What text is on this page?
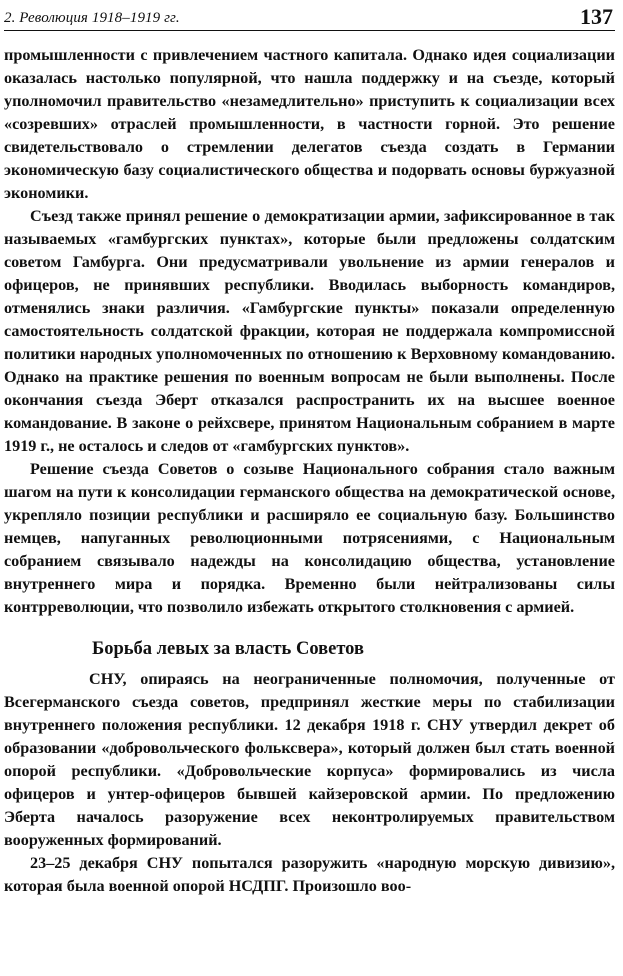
2. Революция 1918–1919 гг.	137

промышленности с привлечением частного капитала. Однако идея социализации оказалась настолько популярной, что нашла поддержку и на съезде, который уполномочил правительство «незамедлительно» приступить к социализации всех «созревших» отраслей промышленности, в частности горной. Это решение свидетельствовало о стремлении делегатов съезда создать в Германии экономическую базу социалистического общества и подорвать основы буржуазной экономики.

Съезд также принял решение о демократизации армии, зафиксированное в так называемых «гамбургских пунктах», которые были предложены солдатским советом Гамбурга. Они предусматривали увольнение из армии генералов и офицеров, не принявших республики. Вводилась выборность командиров, отменялись знаки различия. «Гамбургские пункты» показали определенную самостоятельность солдатской фракции, которая не поддержала компромиссной политики народных уполномоченных по отношению к Верховному командованию. Однако на практике решения по военным вопросам не были выполнены. После окончания съезда Эберт отказался распространить их на высшее военное командование. В законе о рейхсвере, принятом Национальным собранием в марте 1919 г., не осталось и следов от «гамбургских пунктов».

Решение съезда Советов о созыве Национального собрания стало важным шагом на пути к консолидации германского общества на демократической основе, укрепляло позиции республики и расширяло ее социальную базу. Большинство немцев, напуганных революционными потрясениями, с Национальным собранием связывало надежды на консолидацию общества, установление внутреннего мира и порядка. Временно были нейтрализованы силы контрреволюции, что позволило избежать открытого столкновения с армией.

Борьба левых за власть Советов

СНУ, опираясь на неограниченные полномочия, полученные от Всегерманского съезда советов, предпринял жесткие меры по стабилизации внутреннего положения республики. 12 декабря 1918 г. СНУ утвердил декрет об образовании «добровольческого фольксвера», который должен был стать военной опорой республики. «Добровольческие корпуса» формировались из числа офицеров и унтер-офицеров бывшей кайзеровской армии. По предложению Эберта началось разоружение всех неконтролируемых правительством вооруженных формирований.

23–25 декабря СНУ попытался разоружить «народную морскую дивизию», которая была военной опорой НСДПГ. Произошло воо-
